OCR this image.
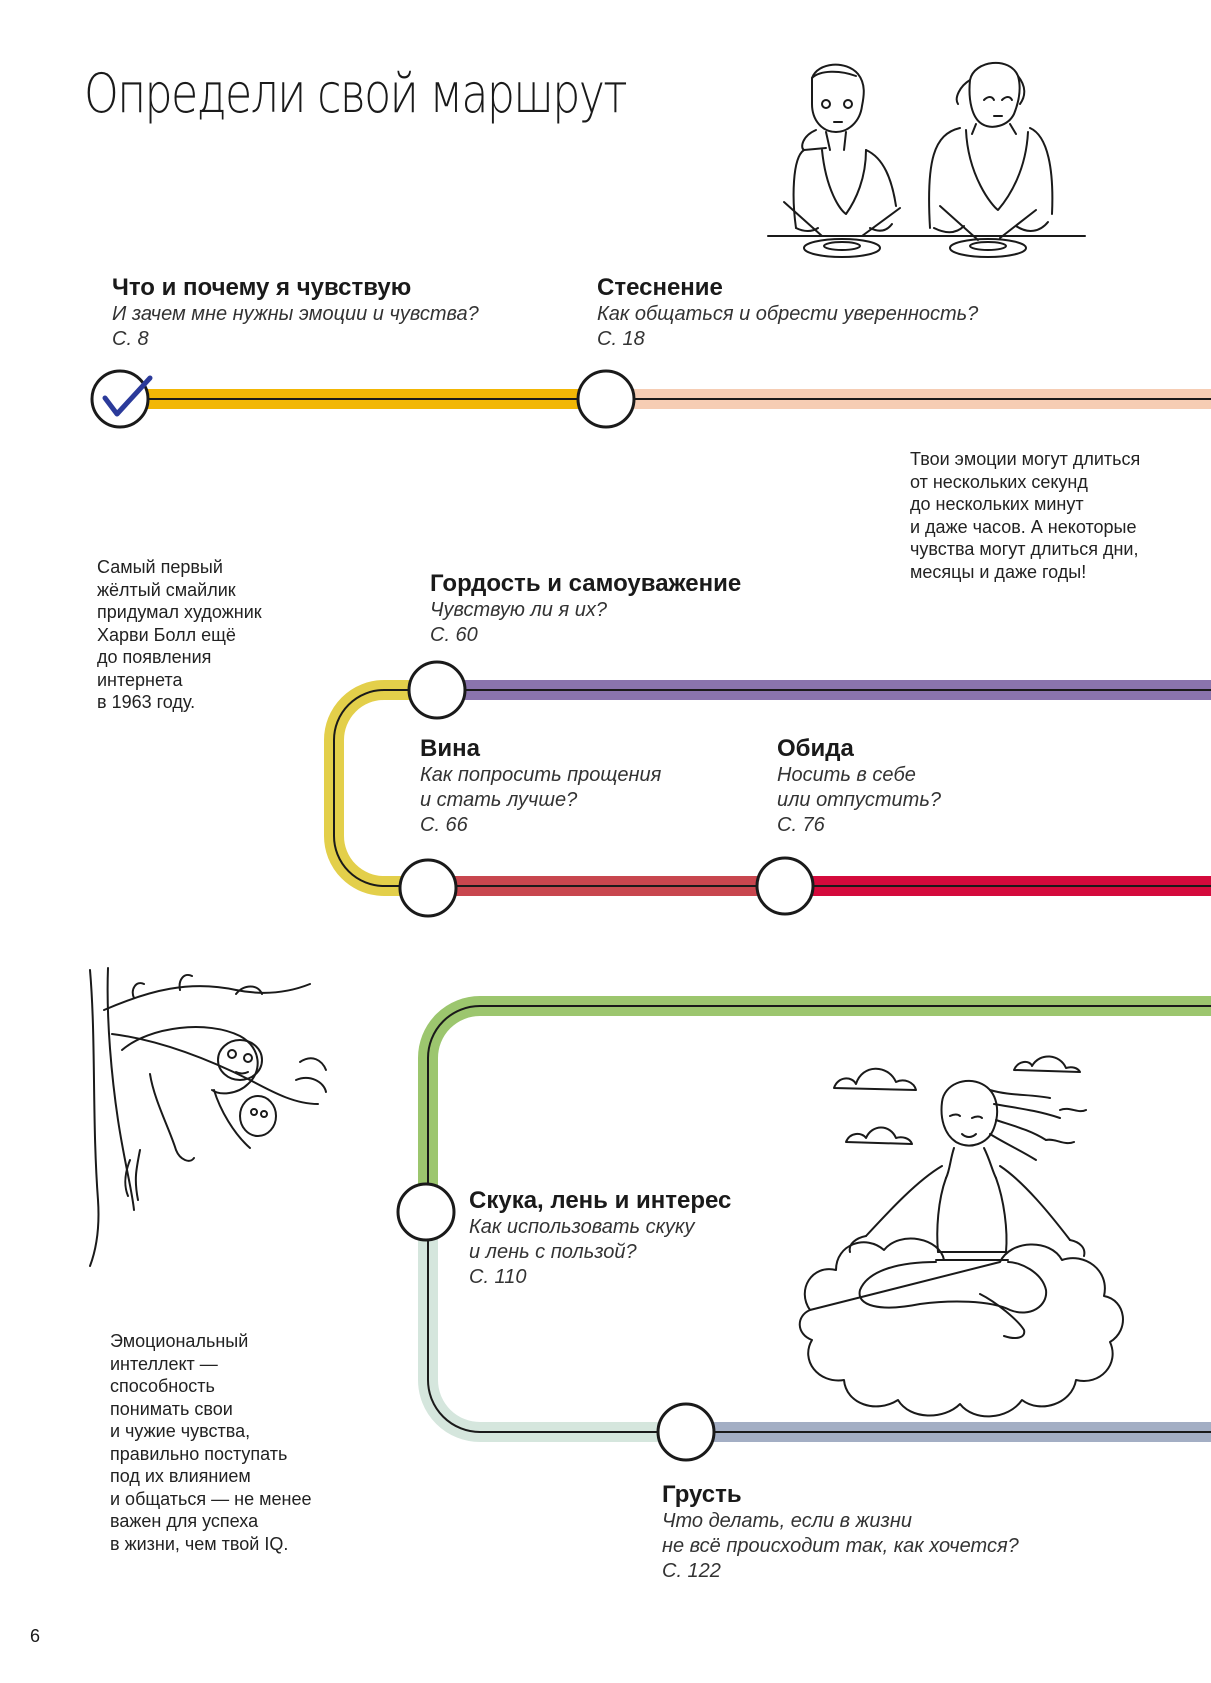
Определи свой маршрут
Что и почему я чувствую
И зачем мне нужны эмоции и чувства?
С. 8
Стеснение
Как общаться и обрести уверенность?
С. 18
Гордость и самоуважение
Чувствую ли я их?
С. 60
Вина
Как попросить прощения
и стать лучше?
С. 66
Обида
Носить в себе
или отпустить?
С. 76
Скука, лень и интерес
Как использовать скуку
и лень с пользой?
С. 110
Грусть
Что делать, если в жизни
не всё происходит так, как хочется?
С. 122
Твои эмоции могут длиться
от нескольких секунд
до нескольких минут
и даже часов. А некоторые
чувства могут длиться дни,
месяцы и даже годы!
Самый первый
жёлтый смайлик
придумал художник
Харви Болл ещё
до появления
интернета
в 1963 году.
Эмоциональный
интеллект —
способность
понимать свои
и чужие чувства,
правильно поступать
под их влиянием
и общаться — не менее
важен для успеха
в жизни, чем твой IQ.
6
